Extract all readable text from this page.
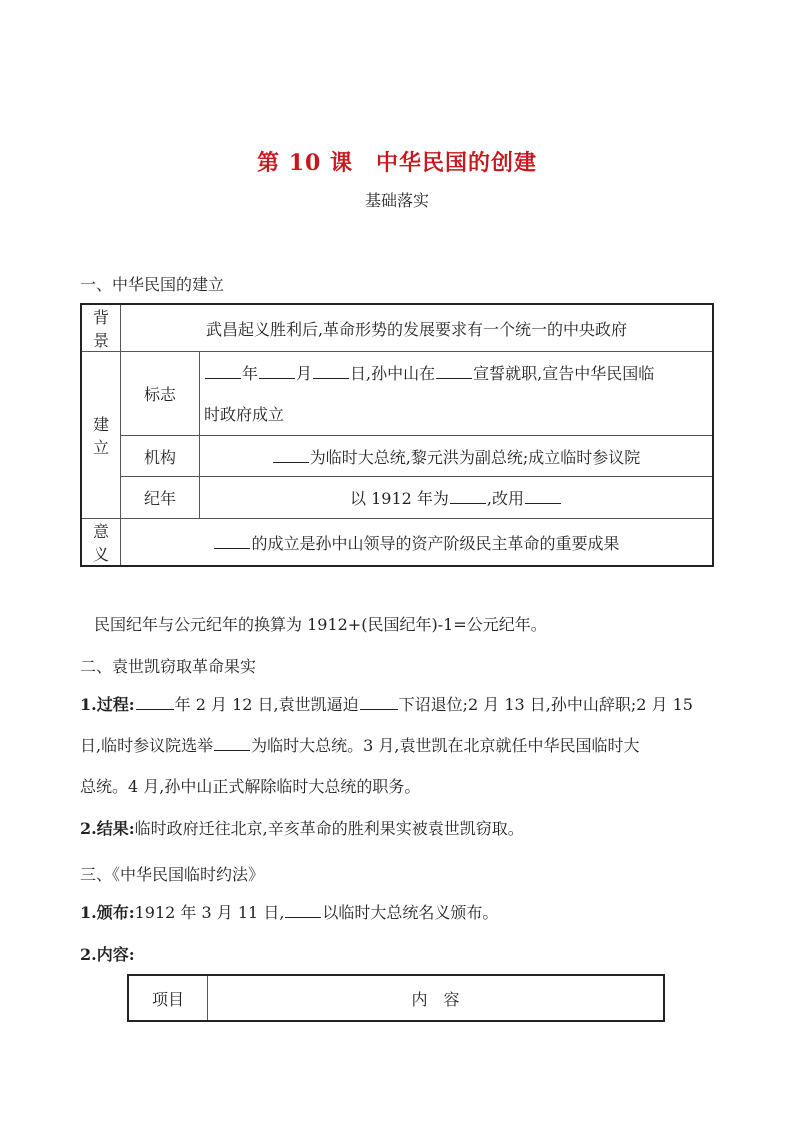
第 10 课　中华民国的创建
基础落实
一、中华民国的建立
背景	武昌起义胜利后,革命形势的发展要求有一个统一的中央政府	
建立	标志	年 月 日,孙中山在 宣誓就职,宣告中华民国临
时政府成立

	机构	为临时大总统,黎元洪为副总统;成立临时参议院
	纪年	以 1912 年为 ,改用
意义	的成立是孙中山领导的资产阶级民主革命的重要成果	
民国纪年与公元纪年的换算为 1912+(民国纪年)-1=公元纪年。
二、袁世凯窃取革命果实
1.过程:	年 2 月 12 日,袁世凯逼迫	下诏退位;2 月 13 日,孙中山辞职;2 月 15
日,临时参议院选举 为临时大总统。3 月,袁世凯在北京就任中华民国临时大
总统。4 月,孙中山正式解除临时大总统的职务。
2.结果:临时政府迁往北京,辛亥革命的胜利果实被袁世凯窃取。
三、《中华民国临时约法》
1.颁布:1912 年 3 月 11 日, 以临时大总统名义颁布。
2.内容:
项目	内　容
